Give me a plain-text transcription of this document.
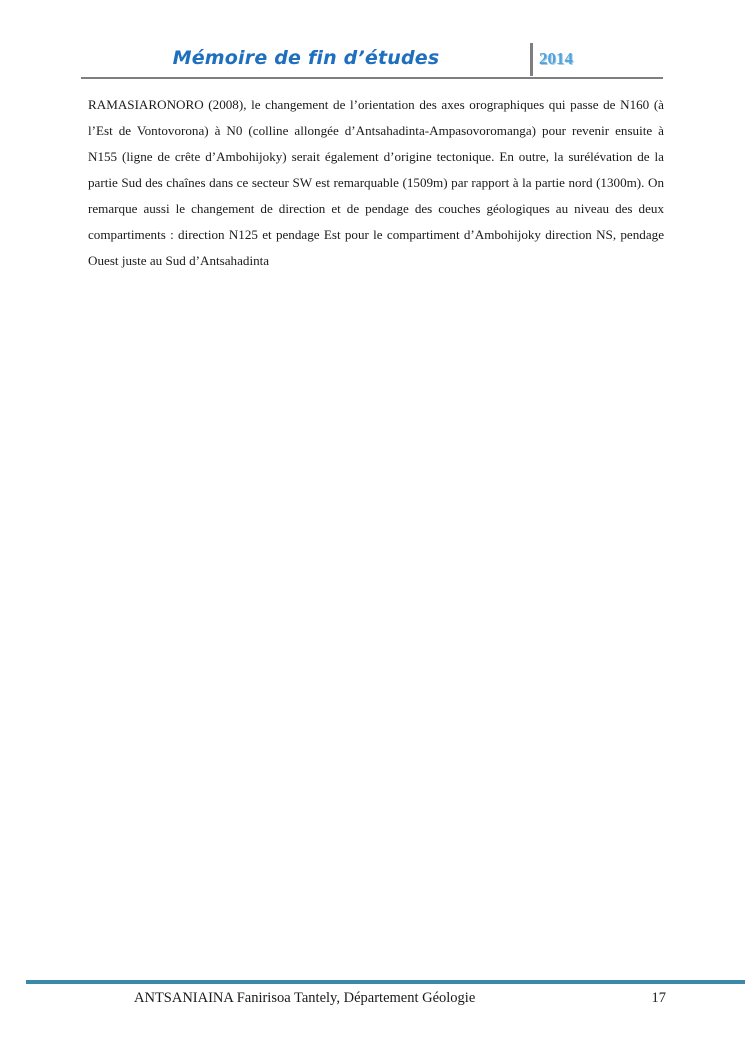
Mémoire de fin d’études	2014

RAMASIARONORO (2008), le changement de l’orientation des axes orographiques qui passe de N160 (à l’Est de Vontovorona) à N0 (colline allongée d’Antsahadinta-Ampasovoromanga) pour revenir ensuite à N155 (ligne de crête d’Ambohijoky) serait également d’origine tectonique. En outre, la surélévation de la partie Sud des chaînes dans ce secteur SW est remarquable (1509m) par rapport à la partie nord (1300m). On remarque aussi le changement de direction et de pendage des couches géologiques au niveau des deux compartiments : direction N125 et pendage Est pour le compartiment d’Ambohijoky direction NS, pendage Ouest juste au Sud d’Antsahadinta

ANTSANIAINA Fanirisoa Tantely, Département Géologie	17
